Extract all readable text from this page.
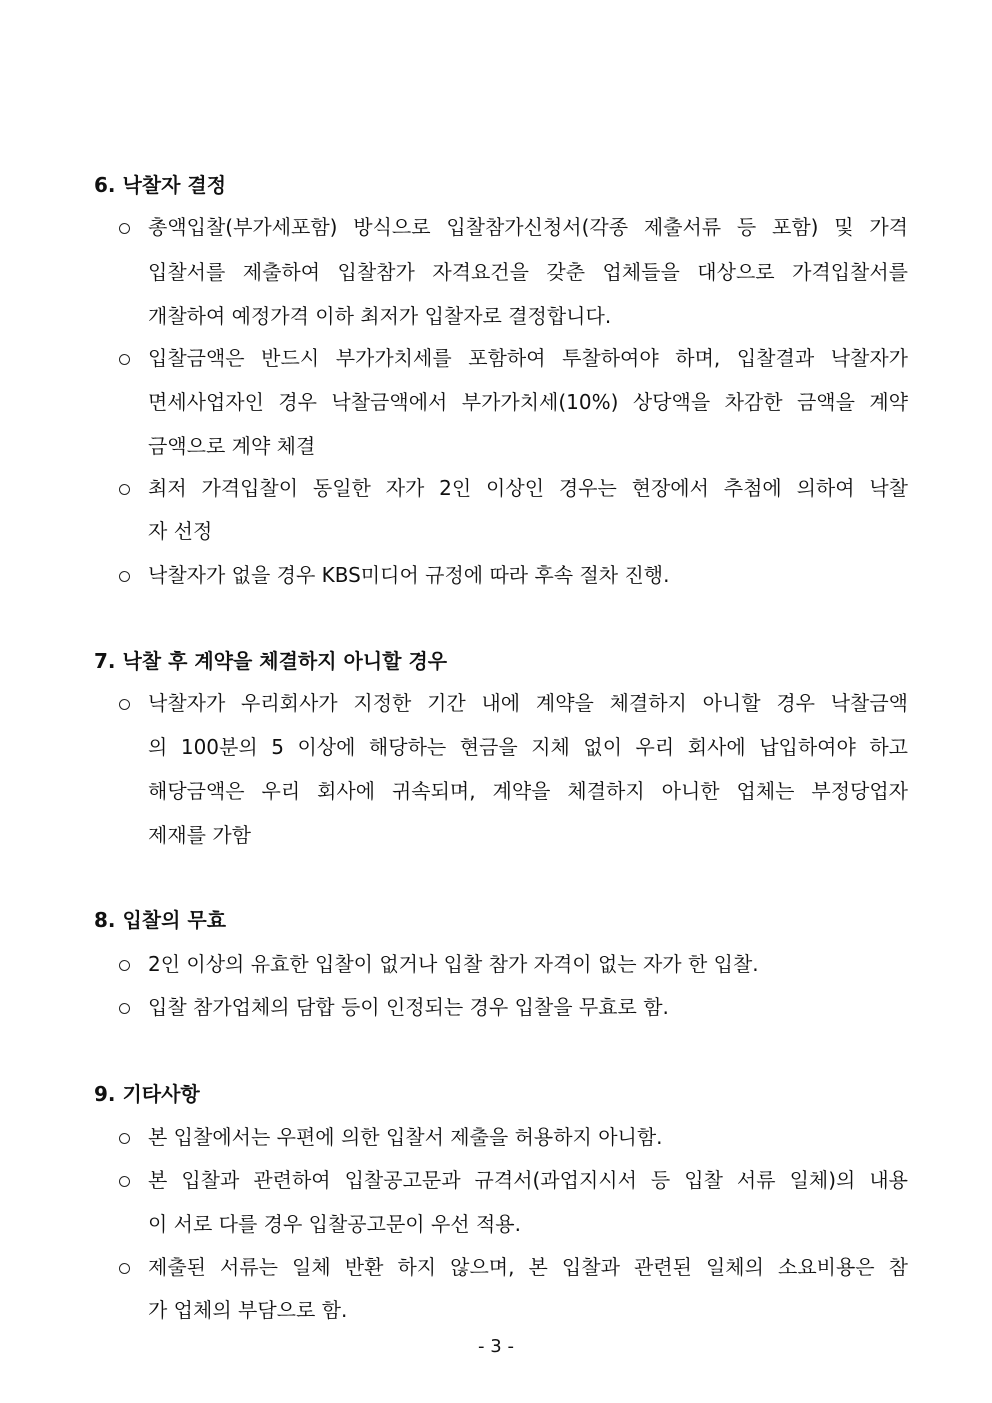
6. 낙찰자 결정
총액입찰(부가세포함) 방식으로 입찰참가신청서(각종 제출서류 등 포함) 및 가격
입찰서를 제출하여 입찰참가 자격요건을 갖춘 업체들을 대상으로 가격입찰서를
개찰하여 예정가격 이하 최저가 입찰자로 결정합니다.
입찰금액은 반드시 부가가치세를 포함하여 투찰하여야 하며, 입찰결과 낙찰자가
면세사업자인 경우 낙찰금액에서 부가가치세(10%) 상당액을 차감한 금액을 계약
금액으로 계약 체결
최저 가격입찰이 동일한 자가 2인 이상인 경우는 현장에서 추첨에 의하여 낙찰
자 선정
낙찰자가 없을 경우 KBS미디어 규정에 따라 후속 절차 진행.
7. 낙찰 후 계약을 체결하지 아니할 경우
낙찰자가 우리회사가 지정한 기간 내에 계약을 체결하지 아니할 경우 낙찰금액
의 100분의 5 이상에 해당하는 현금을 지체 없이 우리 회사에 납입하여야 하고
해당금액은 우리 회사에 귀속되며, 계약을 체결하지 아니한 업체는 부정당업자
제재를 가함
8. 입찰의 무효
2인 이상의 유효한 입찰이 없거나 입찰 참가 자격이 없는 자가 한 입찰.
입찰 참가업체의 담합 등이 인정되는 경우 입찰을 무효로 함.
9. 기타사항
본 입찰에서는 우편에 의한 입찰서 제출을 허용하지 아니함.
본 입찰과 관련하여 입찰공고문과 규격서(과업지시서 등 입찰 서류 일체)의 내용
이 서로 다를 경우 입찰공고문이 우선 적용.
제출된 서류는 일체 반환 하지 않으며, 본 입찰과 관련된 일체의 소요비용은 참
가 업체의 부담으로 함.
- 3 -
